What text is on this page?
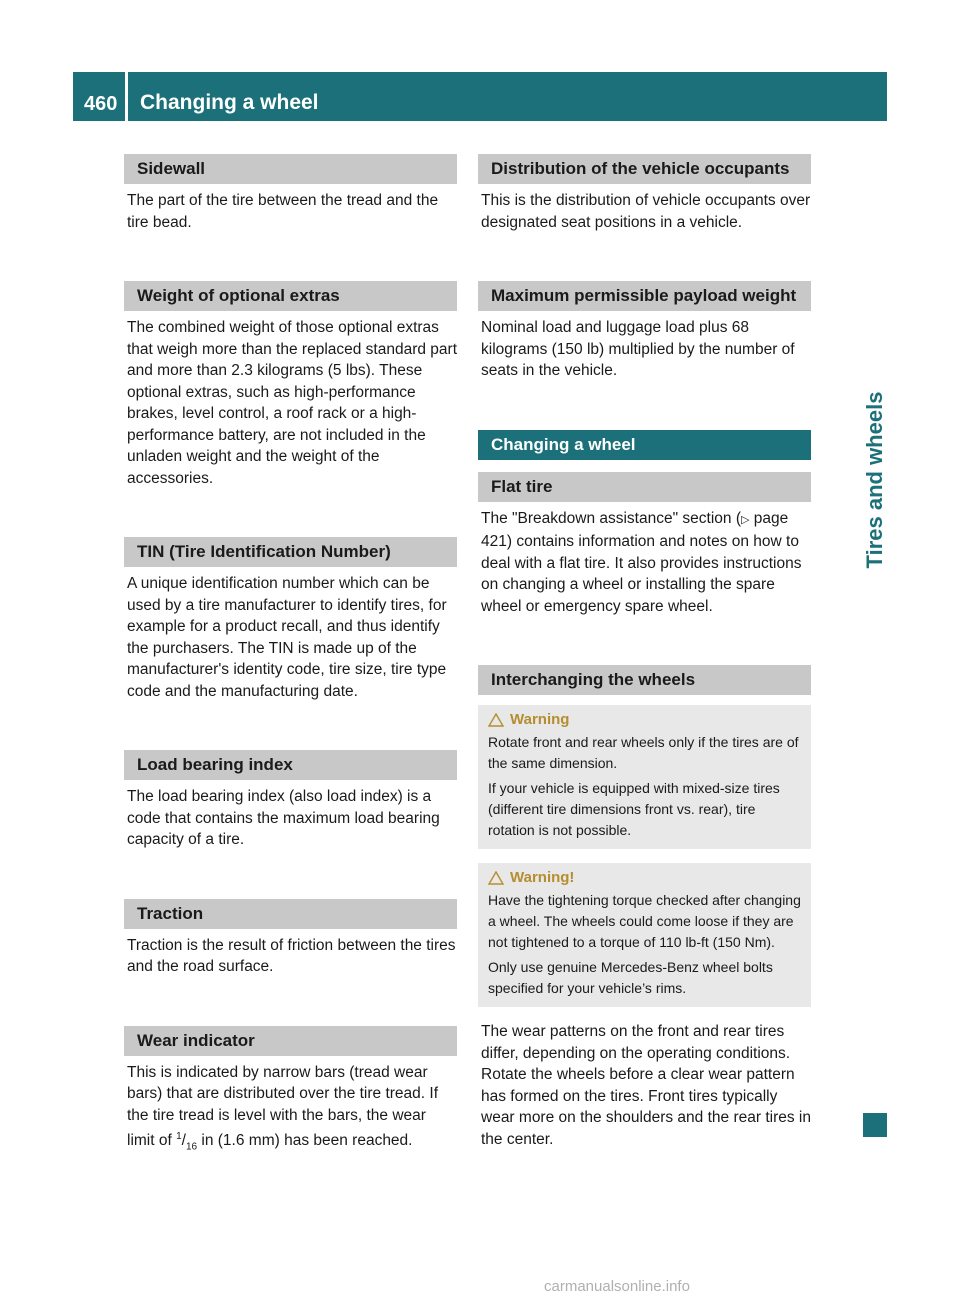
460 Changing a wheel
Tires and wheels
Sidewall

The part of the tire between the tread and the tire bead.

Weight of optional extras

The combined weight of those optional extras that weigh more than the replaced standard part and more than 2.3 kilograms (5 lbs). These optional extras, such as high-performance brakes, level control, a roof rack or a high-performance battery, are not included in the unladen weight and the weight of the accessories.

TIN (Tire Identification Number)

A unique identification number which can be used by a tire manufacturer to identify tires, for example for a product recall, and thus identify the purchasers. The TIN is made up of the manufacturer's identity code, tire size, tire type code and the manufacturing date.

Load bearing index

The load bearing index (also load index) is a code that contains the maximum load bearing capacity of a tire.

Traction

Traction is the result of friction between the tires and the road surface.

Wear indicator

This is indicated by narrow bars (tread wear bars) that are distributed over the tire tread. If the tire tread is level with the bars, the wear limit of $^1/_{16}$ in (1.6 mm) has been reached.

Distribution of the vehicle occupants

This is the distribution of vehicle occupants over designated seat positions in a vehicle.

Maximum permissible payload weight

Nominal load and luggage load plus 68 kilograms (150 lb) multiplied by the number of seats in the vehicle.

Changing a wheel
Flat tire

The "Breakdown assistance" section (▷ page 421) contains information and notes on how to deal with a flat tire. It also provides instructions on changing a wheel or installing the spare wheel or emergency spare wheel.

Interchanging the wheels
Warning

Rotate front and rear wheels only if the tires are of the same dimension.

If your vehicle is equipped with mixed-size tires (different tire dimensions front vs. rear), tire rotation is not possible.

Warning!

Have the tightening torque checked after changing a wheel. The wheels could come loose if they are not tightened to a torque of 110 lb-ft (150 Nm).

Only use genuine Mercedes-Benz wheel bolts specified for your vehicle’s rims.

The wear patterns on the front and rear tires differ, depending on the operating conditions. Rotate the wheels before a clear wear pattern has formed on the tires. Front tires typically wear more on the shoulders and the rear tires in the center.

carmanualsonline.info
